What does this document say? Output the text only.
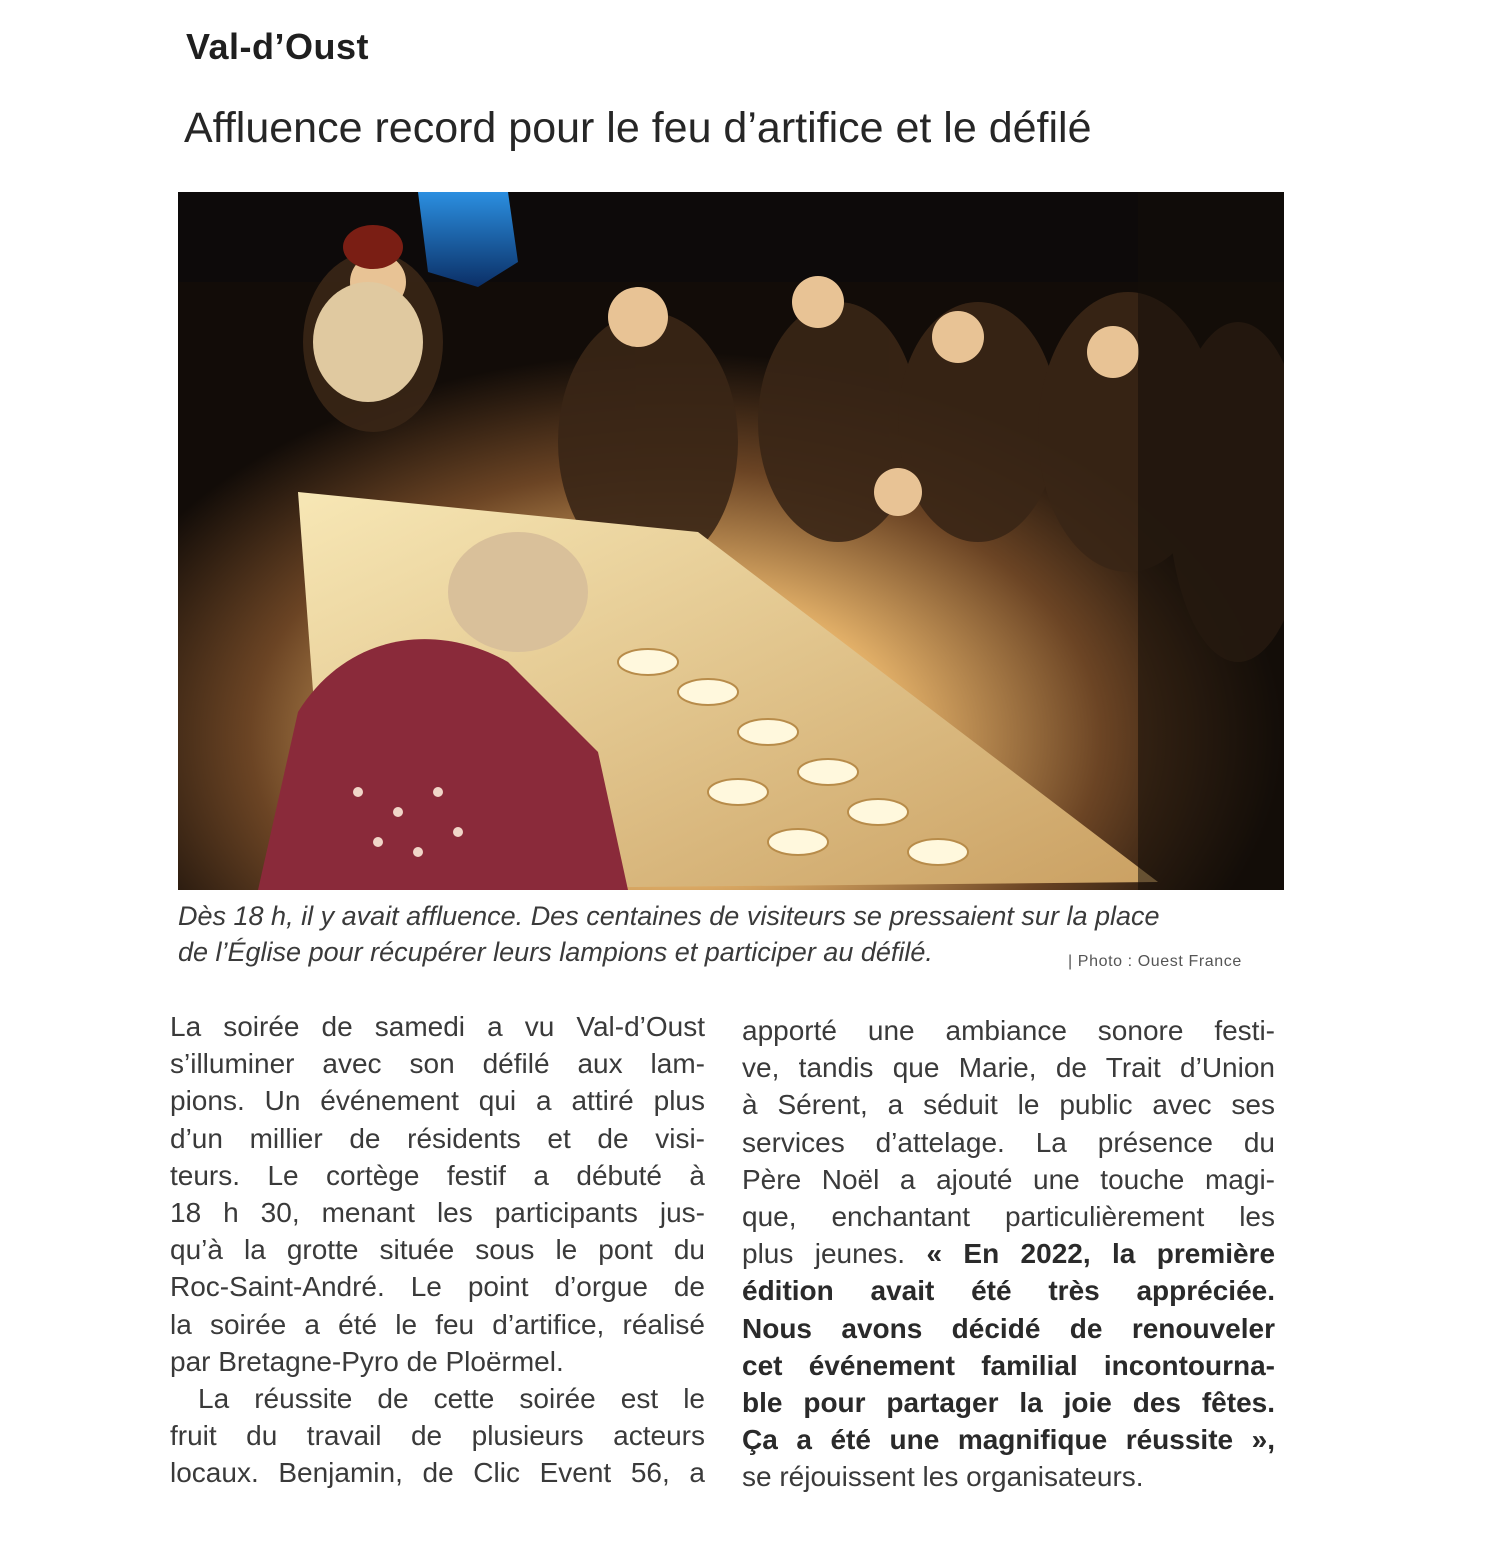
Val-d’Oust
Affluence record pour le feu d’artifice et le défilé
Dès 18 h, il y avait affluence. Des centaines de visiteurs se pressaient sur la place
de l’Église pour récupérer leurs lampions et participer au défilé.	| Photo : Ouest France
La soirée de samedi a vu Val-d’Oust
s’illuminer avec son défilé aux lam-
pions. Un événement qui a attiré plus
d’un millier de résidents et de visi-
teurs. Le cortège festif a débuté à
18 h 30, menant les participants jus-
qu’à la grotte située sous le pont du
Roc-Saint-André. Le point d’orgue de
la soirée a été le feu d’artifice, réalisé
par Bretagne-Pyro de Ploërmel.
La réussite de cette soirée est le
fruit du travail de plusieurs acteurs
locaux. Benjamin, de Clic Event 56, a
apporté une ambiance sonore festi-
ve, tandis que Marie, de Trait d’Union
à Sérent, a séduit le public avec ses
services d’attelage. La présence du
Père Noël a ajouté une touche magi-
que, enchantant particulièrement les
plus jeunes. « En 2022, la première
édition avait été très appréciée.
Nous avons décidé de renouveler
cet événement familial incontourna-
ble pour partager la joie des fêtes.
Ça a été une magnifique réussite »,
se réjouissent les organisateurs.
